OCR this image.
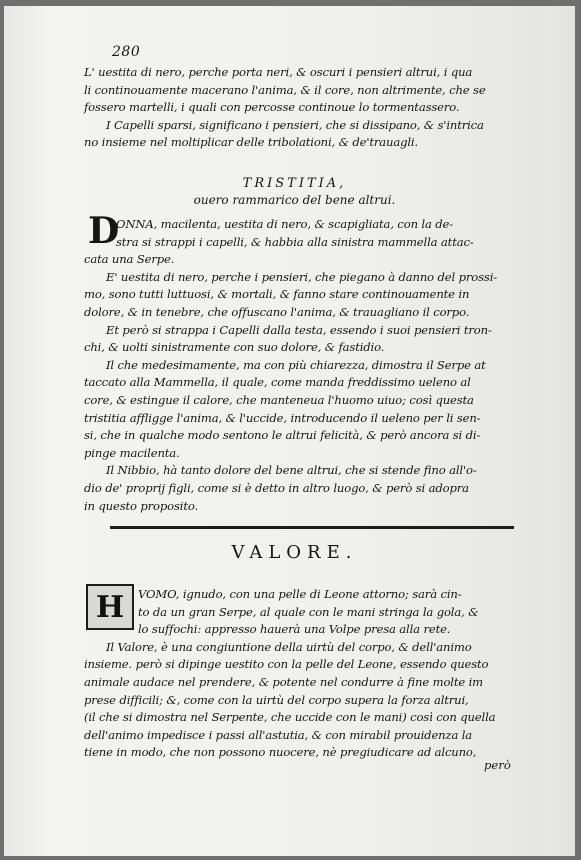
280

L' uestita di nero, perche porta neri, & oscuri i pensieri altrui, i qua
li continouamente macerano l'anima, & il core, non altrimente, che se
fossero martelli, i quali con percosse continoue lo tormentassero.

I Capelli sparsi, significano i pensieri, che si dissipano, & s'intrica
no insieme nel moltiplicar delle tribolationi, & de'trauagli.

TRISTITIA,
ouero rammarico del bene altrui.
D

ONNA, macilenta, uestita di nero, & scapigliata, con la de-
stra si strappi i capelli, & habbia alla sinistra mammella attac-
cata una Serpe.

E' uestita di nero, perche i pensieri, che piegano à danno del prossi-
mo, sono tutti luttuosi, & mortali, & fanno stare continouamente in
dolore, & in tenebre, che offuscano l'anima, & trauagliano il corpo.

Et però si strappa i Capelli dalla testa, essendo i suoi pensieri tron-
chi, & uolti sinistramente con suo dolore, & fastidio.

Il che medesimamente, ma con più chiarezza, dimostra il Serpe at
taccato alla Mammella, il quale, come manda freddissimo ueleno al
core, & estingue il calore, che manteneua l'huomo uiuo; così questa
tristitia affligge l'anima, & l'uccide, introducendo il ueleno per li sen-
si, che in qualche modo sentono le altrui felicità, & però ancora si di-
pinge macilenta.

Il Nibbio, hà tanto dolore del bene altrui, che si stende fino all'o-
dio de' proprij figli, come si è detto in altro luogo, & però si adopra
in questo proposito.

VALORE.
H	VOMO, ignudo, con una pelle di Leone attorno; sarà cin-
to da un gran Serpe, al quale con le mani stringa la gola, &
lo suffochi: appresso hauerà una Volpe presa alla rete.

Il Valore, è una congiuntione della uirtù del corpo, & dell'animo
insieme. però si dipinge uestito con la pelle del Leone, essendo questo
animale audace nel prendere, & potente nel condurre à fine molte im
prese difficili; &, come con la uirtù del corpo supera la forza altrui,
(il che si dimostra nel Serpente, che uccide con le mani) così con quella
dell'animo impedisce i passi all'astutia, & con mirabil prouidenza la
tiene in modo, che non possono nuocere, nè pregiudicare ad alcuno,

però
